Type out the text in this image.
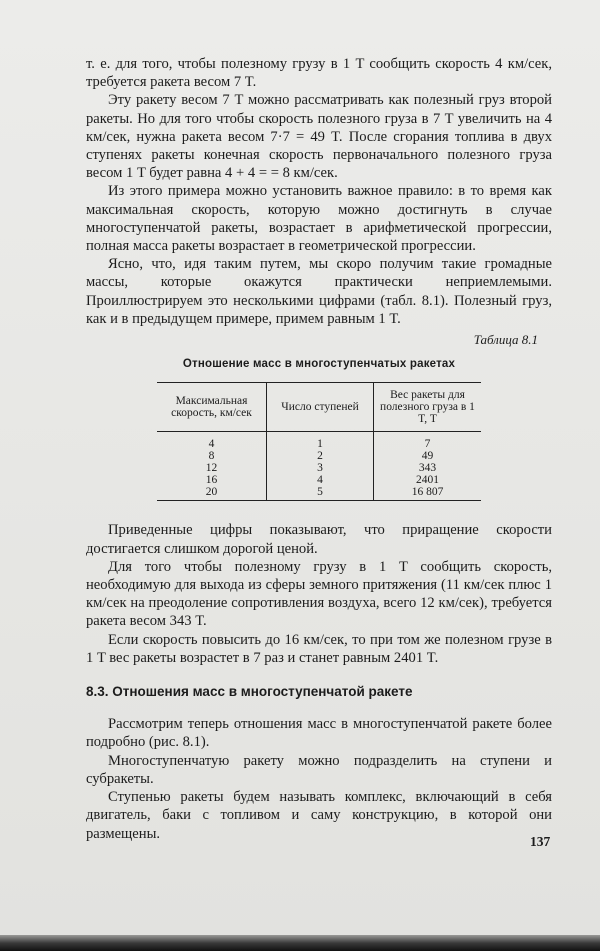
т. е. для того, чтобы полезному грузу в 1 T сообщить скорость 4 км/сек, требуется ракета весом 7 T.

Эту ракету весом 7 T можно рассматривать как полезный груз второй ракеты. Но для того чтобы скорость полезного груза в 7 T увеличить на 4 км/сек, нужна ракета весом 7·7 = 49 T. После сгорания топлива в двух ступенях ракеты конечная скорость первоначального полезного груза весом 1 T будет равна 4 + 4 = = 8 км/сек.

Из этого примера можно установить важное правило: в то время как максимальная скорость, которую можно достигнуть в случае многоступенчатой ракеты, возрастает в арифметической прогрессии, полная масса ракеты возрастает в геометрической прогрессии.

Ясно, что, идя таким путем, мы скоро получим такие громадные массы, которые окажутся практически неприемлемыми. Проиллюстрируем это несколькими цифрами (табл. 8.1). Полезный груз, как и в предыдущем примере, примем равным 1 T.

Таблица 8.1
Отношение масс в многоступенчатых ракетах
Максимальная скорость, км/сек	Число ступеней	Вес ракеты для полезного груза в 1 T, T
4	1	7
8	2	49
12	3	343
16	4	2401
20	5	16 807

Приведенные цифры показывают, что приращение скорости достигается слишком дорогой ценой.

Для того чтобы полезному грузу в 1 T сообщить скорость, необходимую для выхода из сферы земного притяжения (11 км/сек плюс 1 км/сек на преодоление сопротивления воздуха, всего 12 км/сек), требуется ракета весом 343 T.

Если скорость повысить до 16 км/сек, то при том же полезном грузе в 1 T вес ракеты возрастет в 7 раз и станет равным 2401 T.

8.3. Отношения масс в многоступенчатой ракете

Рассмотрим теперь отношения масс в многоступенчатой ракете более подробно (рис. 8.1).

Многоступенчатую ракету можно подразделить на ступени и субракеты.

Ступенью ракеты будем называть комплекс, включающий в себя двигатель, баки с топливом и саму конструкцию, в которой они размещены.	137
